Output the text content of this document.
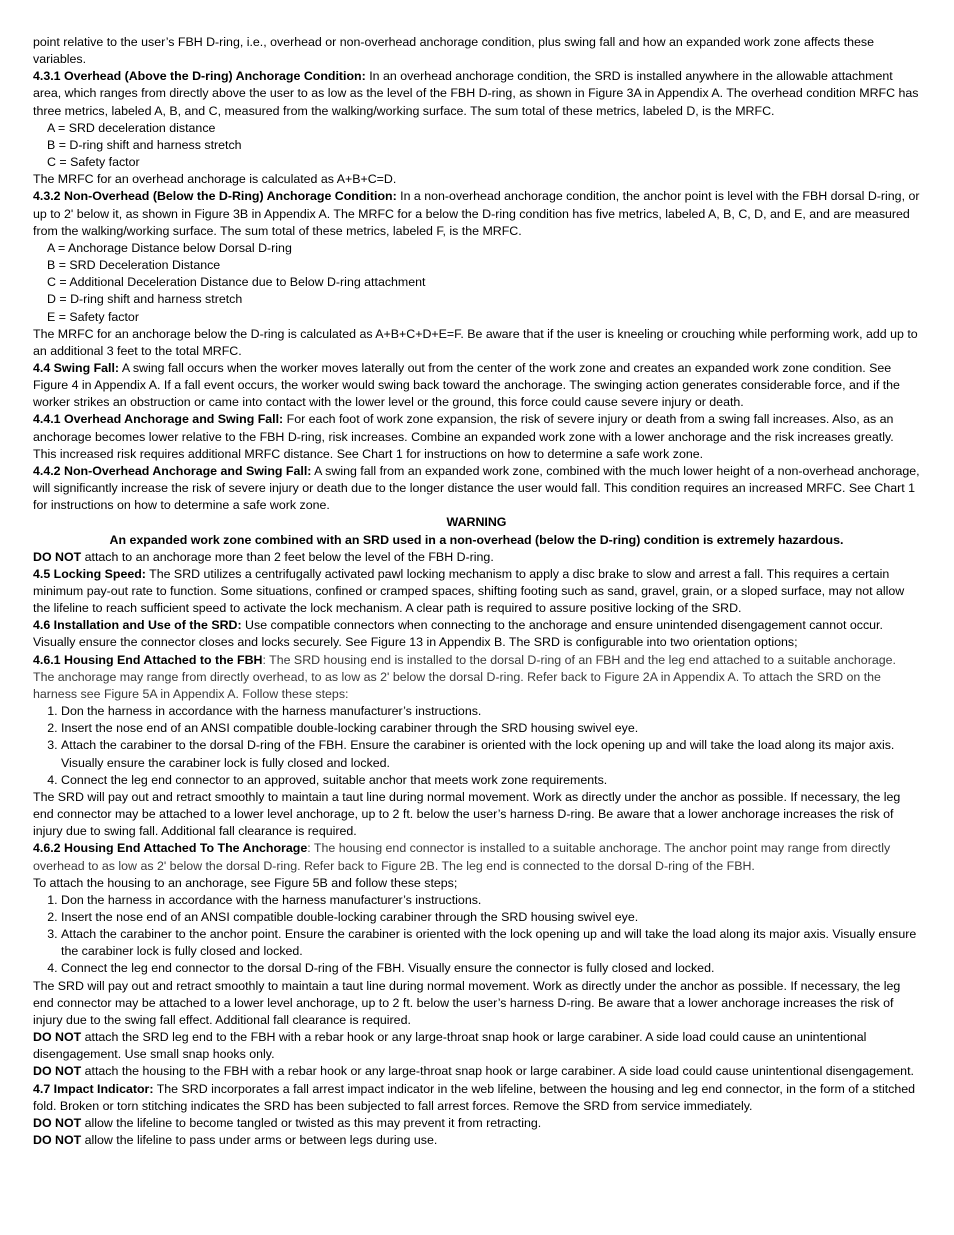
point relative to the user’s FBH D-ring, i.e., overhead or non-overhead anchorage condition, plus swing fall and how an expanded work zone affects these variables.

4.3.1 Overhead (Above the D-ring) Anchorage Condition: In an overhead anchorage condition, the SRD is installed anywhere in the allowable attachment area, which ranges from directly above the user to as low as the level of the FBH D-ring, as shown in Figure 3A in Appendix A. The overhead condition MRFC has three metrics, labeled A, B, and C, measured from the walking/working surface. The sum total of these metrics, labeled D, is the MRFC.

A = SRD deceleration distance

B = D-ring shift and harness stretch

C = Safety factor

The MRFC for an overhead anchorage is calculated as A+B+C=D.

4.3.2 Non-Overhead (Below the D-Ring) Anchorage Condition: In a non-overhead anchorage condition, the anchor point is level with the FBH dorsal D-ring, or up to 2' below it, as shown in Figure 3B in Appendix A. The MRFC for a below the D-ring condition has five metrics, labeled A, B, C, D, and E, and are measured from the walking/working surface. The sum total of these metrics, labeled F, is the MRFC.

A = Anchorage Distance below Dorsal D-ring

B = SRD Deceleration Distance

C = Additional Deceleration Distance due to Below D-ring attachment

D = D-ring shift and harness stretch

E = Safety factor

The MRFC for an anchorage below the D-ring is calculated as A+B+C+D+E=F. Be aware that if the user is kneeling or crouching while performing work, add up to an additional 3 feet to the total MRFC.

4.4 Swing Fall: A swing fall occurs when the worker moves laterally out from the center of the work zone and creates an expanded work zone condition. See Figure 4 in Appendix A. If a fall event occurs, the worker would swing back toward the anchorage. The swinging action generates considerable force, and if the worker strikes an obstruction or came into contact with the lower level or the ground, this force could cause severe injury or death.

4.4.1 Overhead Anchorage and Swing Fall: For each foot of work zone expansion, the risk of severe injury or death from a swing fall increases. Also, as an anchorage becomes lower relative to the FBH D-ring, risk increases. Combine an expanded work zone with a lower anchorage and the risk increases greatly. This increased risk requires additional MRFC distance. See Chart 1 for instructions on how to determine a safe work zone.

4.4.2 Non-Overhead Anchorage and Swing Fall: A swing fall from an expanded work zone, combined with the much lower height of a non-overhead anchorage, will significantly increase the risk of severe injury or death due to the longer distance the user would fall. This condition requires an increased MRFC. See Chart 1 for instructions on how to determine a safe work zone.

WARNING

An expanded work zone combined with an SRD used in a non-overhead (below the D-ring) condition is extremely hazardous.

DO NOT attach to an anchorage more than 2 feet below the level of the FBH D-ring.

4.5 Locking Speed: The SRD utilizes a centrifugally activated pawl locking mechanism to apply a disc brake to slow and arrest a fall. This requires a certain minimum pay-out rate to function. Some situations, confined or cramped spaces, shifting footing such as sand, gravel, grain, or a sloped surface, may not allow the lifeline to reach sufficient speed to activate the lock mechanism. A clear path is required to assure positive locking of the SRD.

4.6 Installation and Use of the SRD: Use compatible connectors when connecting to the anchorage and ensure unintended disengagement cannot occur. Visually ensure the connector closes and locks securely. See Figure 13 in Appendix B. The SRD is configurable into two orientation options;

4.6.1 Housing End Attached to the FBH: The SRD housing end is installed to the dorsal D-ring of an FBH and the leg end attached to a suitable anchorage. The anchorage may range from directly overhead, to as low as 2' below the dorsal D-ring. Refer back to Figure 2A in Appendix A. To attach the SRD on the harness see Figure 5A in Appendix A. Follow these steps:

1. Don the harness in accordance with the harness manufacturer’s instructions.
2. Insert the nose end of an ANSI compatible double-locking carabiner through the SRD housing swivel eye.
3. Attach the carabiner to the dorsal D-ring of the FBH. Ensure the carabiner is oriented with the lock opening up and will take the load along its major axis. Visually ensure the carabiner lock is fully closed and locked.
4. Connect the leg end connector to an approved, suitable anchor that meets work zone requirements.

The SRD will pay out and retract smoothly to maintain a taut line during normal movement. Work as directly under the anchor as possible. If necessary, the leg end connector may be attached to a lower level anchorage, up to 2 ft. below the user’s harness D-ring. Be aware that a lower anchorage increases the risk of injury due to swing fall. Additional fall clearance is required.

4.6.2 Housing End Attached To The Anchorage: The housing end connector is installed to a suitable anchorage. The anchor point may range from directly overhead to as low as 2' below the dorsal D-ring. Refer back to Figure 2B. The leg end is connected to the dorsal D-ring of the FBH.

To attach the housing to an anchorage, see Figure 5B and follow these steps;

1. Don the harness in accordance with the harness manufacturer’s instructions.
2. Insert the nose end of an ANSI compatible double-locking carabiner through the SRD housing swivel eye.
3. Attach the carabiner to the anchor point. Ensure the carabiner is oriented with the lock opening up and will take the load along its major axis. Visually ensure the carabiner lock is fully closed and locked.
4. Connect the leg end connector to the dorsal D-ring of the FBH. Visually ensure the connector is fully closed and locked.

The SRD will pay out and retract smoothly to maintain a taut line during normal movement. Work as directly under the anchor as possible. If necessary, the leg end connector may be attached to a lower level anchorage, up to 2 ft. below the user’s harness D-ring. Be aware that a lower anchorage increases the risk of injury due to the swing fall effect. Additional fall clearance is required.

DO NOT attach the SRD leg end to the FBH with a rebar hook or any large-throat snap hook or large carabiner. A side load could cause an unintentional disengagement. Use small snap hooks only.

DO NOT attach the housing to the FBH with a rebar hook or any large-throat snap hook or large carabiner. A side load could cause unintentional disengagement.

4.7 Impact Indicator: The SRD incorporates a fall arrest impact indicator in the web lifeline, between the housing and leg end connector, in the form of a stitched fold. Broken or torn stitching indicates the SRD has been subjected to fall arrest forces. Remove the SRD from service immediately.

DO NOT allow the lifeline to become tangled or twisted as this may prevent it from retracting.

DO NOT allow the lifeline to pass under arms or between legs during use.
